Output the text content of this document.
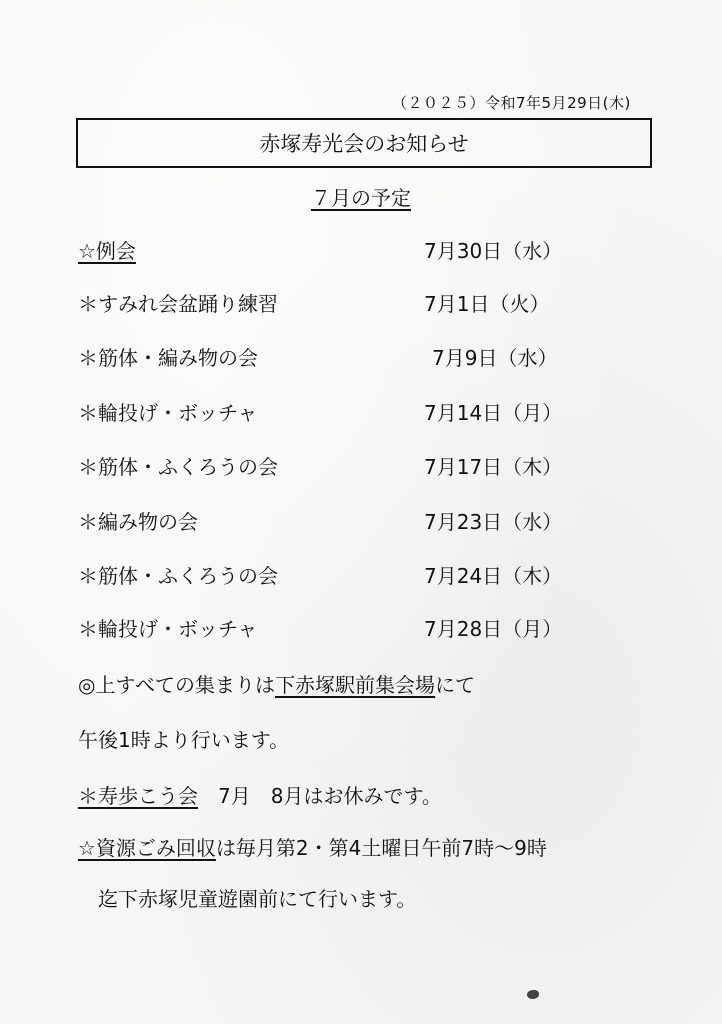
（２０２５）令和7年5月29日(木)
赤塚寿光会のお知らせ
７月の予定
☆例会	7月30日（水）
＊すみれ会盆踊り練習	7月1日（火）
＊筋体・編み物の会	7月9日（水）
＊輪投げ・ボッチャ	7月14日（月）
＊筋体・ふくろうの会	7月17日（木）
＊編み物の会	7月23日（水）
＊筋体・ふくろうの会	7月24日（木）
＊輪投げ・ボッチャ	7月28日（月）
◎上すべての集まりは下赤塚駅前集会場にて
午後1時より行います。
＊寿歩こう会　7月　8月はお休みです。
☆資源ごみ回収は毎月第2・第4土曜日午前7時～9時
迄下赤塚児童遊園前にて行います。
